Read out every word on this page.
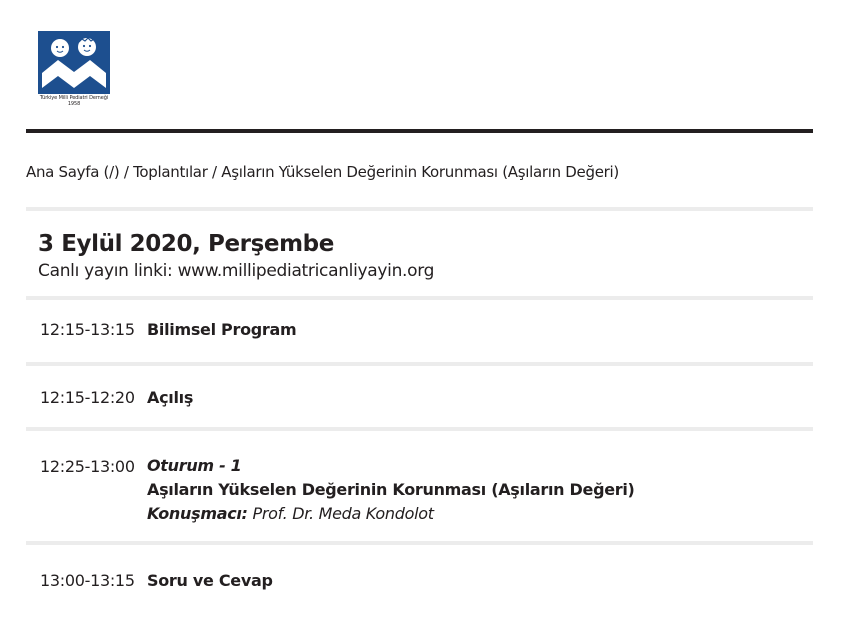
Türkiye Milli Pediatri Derneği
1958
Ana Sayfa (/) / Toplantılar / Aşıların Yükselen Değerinin Korunması (Aşıların Değeri)
3 Eylül 2020, Perşembe
Canlı yayın linki: www.millipediatricanliyayin.org
12:15-13:15 Bilimsel Program
12:15-12:20 Açılış
12:25-13:00 Oturum - 1
Aşıların Yükselen Değerinin Korunması (Aşıların Değeri)
Konuşmacı: Prof. Dr. Meda Kondolot
13:00-13:15 Soru ve Cevap
